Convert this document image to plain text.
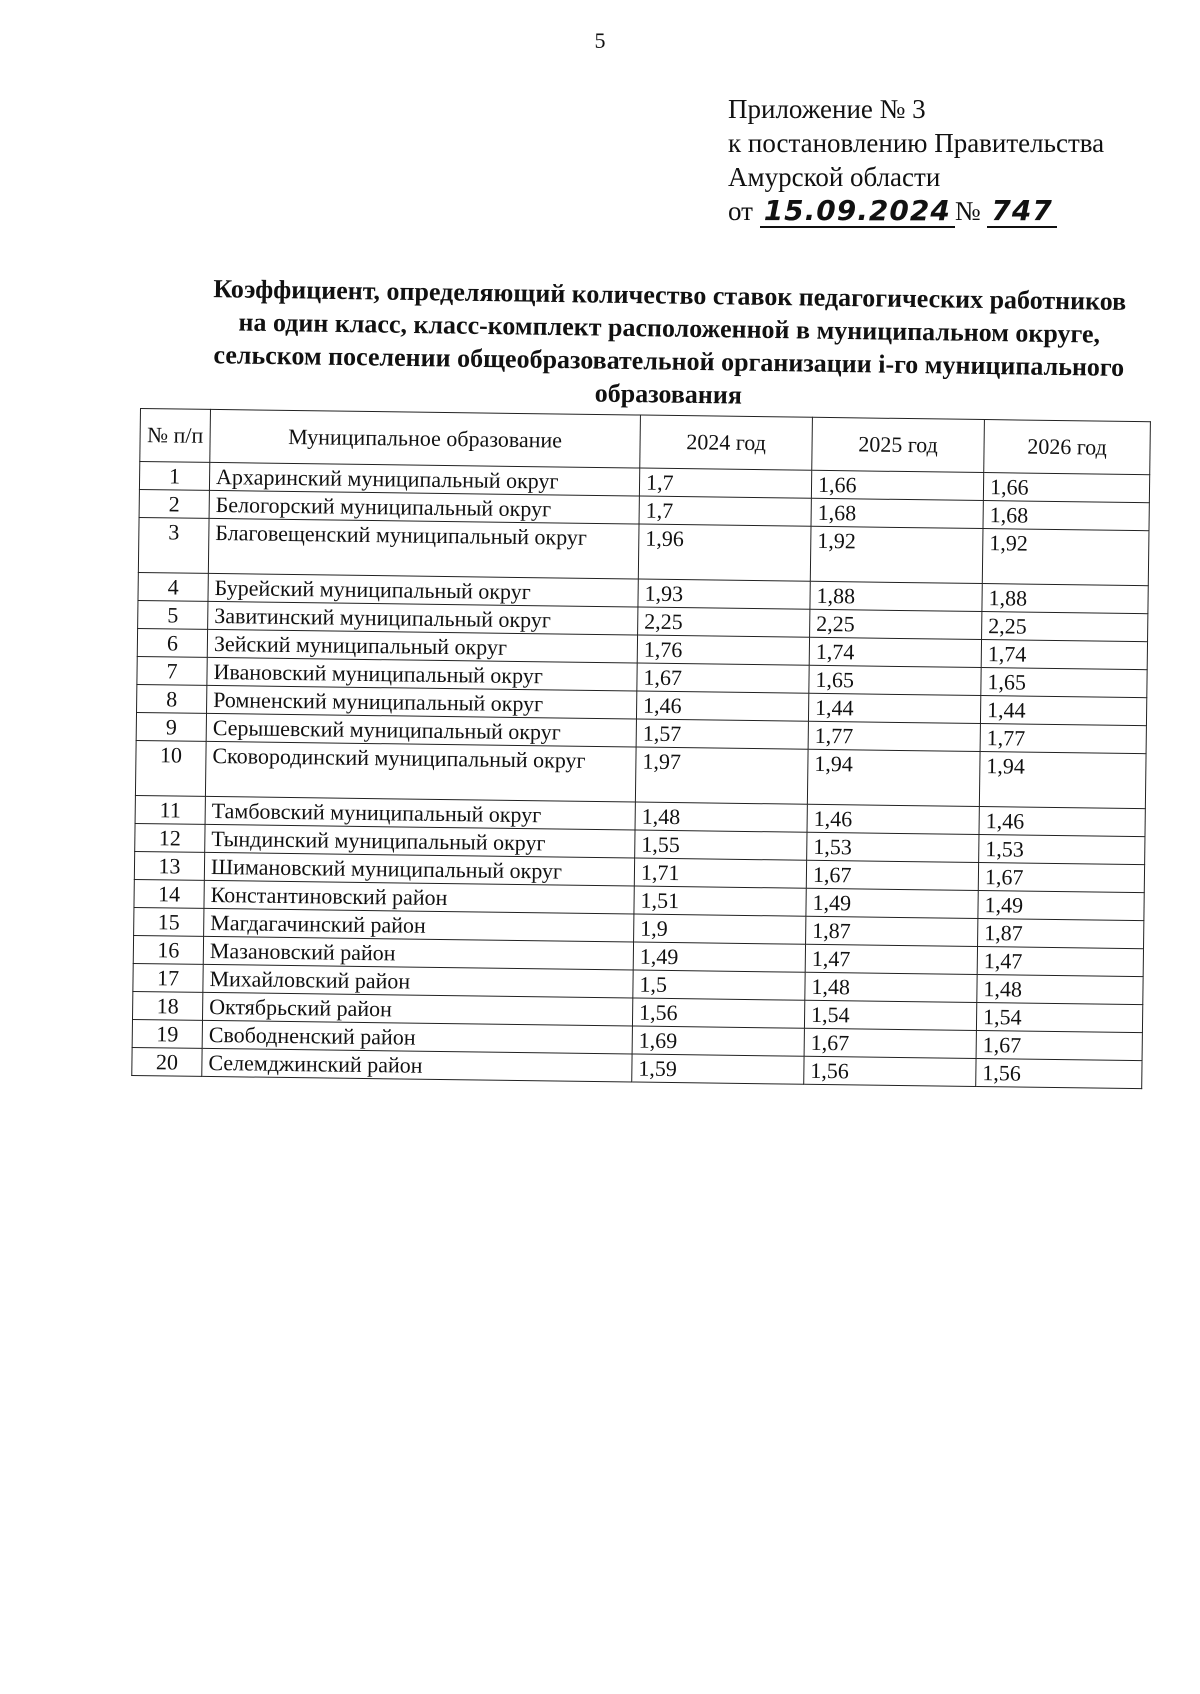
5
Приложение № 3
к постановлению Правительства
Амурской области
от 15.09.2024 № 747
Коэффициент, определяющий количество ставок педагогических работников на один класс, класс-комплект расположенной в муниципальном округе, сельском поселении общеобразовательной организации i-го муниципального образования
№ п/п	Муниципальное образование	2024 год	2025 год	2026 год
1	Архаринский муниципальный округ	1,7	1,66	1,66
2	Белогорский муниципальный округ	1,7	1,68	1,68
3	Благовещенский муниципальный округ	1,96	1,92	1,92
4	Бурейский муниципальный округ	1,93	1,88	1,88
5	Завитинский муниципальный округ	2,25	2,25	2,25
6	Зейский муниципальный округ	1,76	1,74	1,74
7	Ивановский муниципальный округ	1,67	1,65	1,65
8	Ромненский муниципальный округ	1,46	1,44	1,44
9	Серышевский муниципальный округ	1,57	1,77	1,77
10	Сковородинский муниципальный округ	1,97	1,94	1,94
11	Тамбовский муниципальный округ	1,48	1,46	1,46
12	Тындинский муниципальный округ	1,55	1,53	1,53
13	Шимановский муниципальный округ	1,71	1,67	1,67
14	Константиновский район	1,51	1,49	1,49
15	Магдагачинский район	1,9	1,87	1,87
16	Мазановский район	1,49	1,47	1,47
17	Михайловский район	1,5	1,48	1,48
18	Октябрьский район	1,56	1,54	1,54
19	Свободненский район	1,69	1,67	1,67
20	Селемджинский район	1,59	1,56	1,56
